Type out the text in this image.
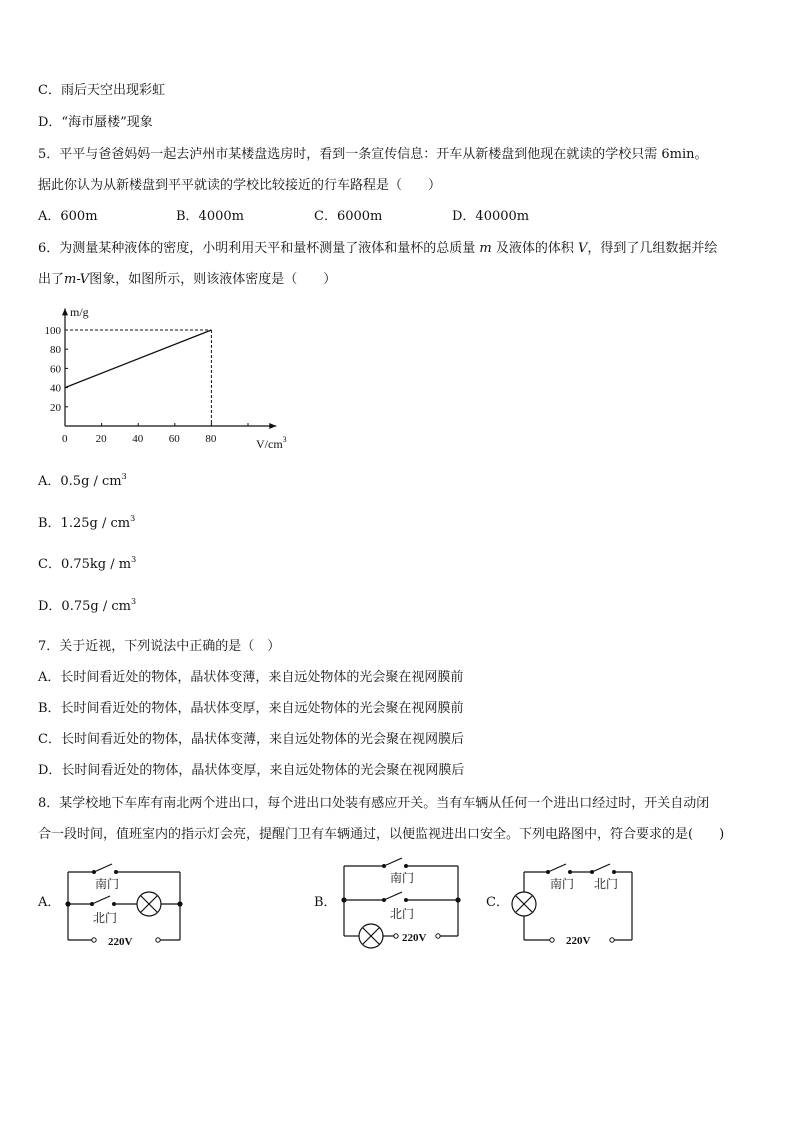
C．雨后天空出现彩虹
D．“海市蜃楼”现象
5．平平与爸爸妈妈一起去泸州市某楼盘选房时，看到一条宣传信息：开车从新楼盘到他现在就读的学校只需 6min。
据此你认为从新楼盘到平平就读的学校比较接近的行车路程是（　　）
A．600m	B．4000m	C．6000m	D．40000m
6．为测量某种液体的密度，小明利用天平和量杯测量了液体和量杯的总质量 m 及液体的体积 V，得到了几组数据并绘
出了m-V图象，如图所示，则该液体密度是（　　）
0	20 40 60 80
20
40
60
80
100
m/g
$V/cm^3$
A．$0.5g / cm^3$
B．$1.25g / cm^3$
C．$0.75kg / m^3$
D．$0.75g / cm^3$
7．关于近视，下列说法中正确的是（　）
A．长时间看近处的物体，晶状体变薄，来自远处物体的光会聚在视网膜前
B．长时间看近处的物体，晶状体变厚，来自远处物体的光会聚在视网膜前
C．长时间看近处的物体，晶状体变薄，来自远处物体的光会聚在视网膜后
D．长时间看近处的物体，晶状体变厚，来自远处物体的光会聚在视网膜后
8．某学校地下车库有南北两个进出口，每个进出口处装有感应开关。当有车辆从任何一个进出口经过时，开关自动闭
合一段时间，值班室内的指示灯会亮，提醒门卫有车辆通过，以便监视进出口安全。下列电路图中，符合要求的是(　　)
A．
南门
北门
220V
B．
南门
北门
220V
C．
南门 北门
220V
